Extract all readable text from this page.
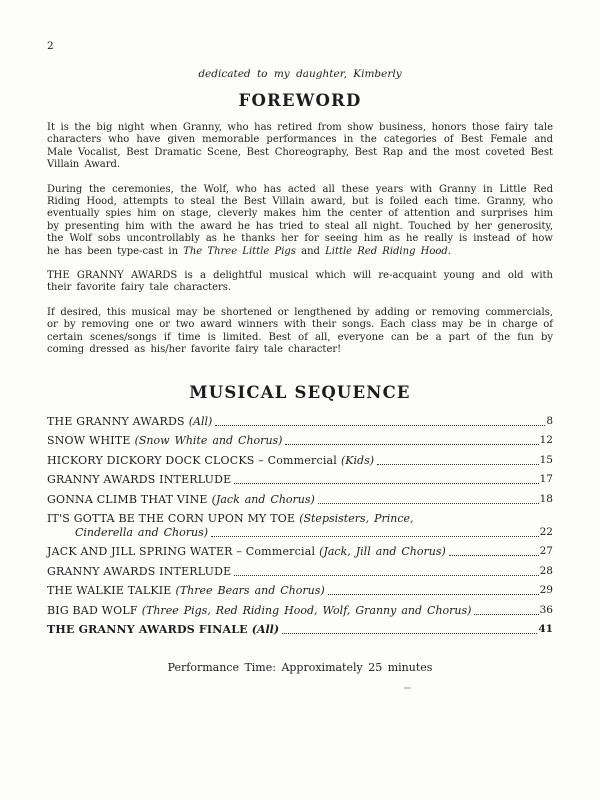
2
dedicated to my daughter, Kimberly
FOREWORD

It is the big night when Granny, who has retired from show business, honors those fairy tale characters who have given memorable performances in the categories of Best Female and Male Vocalist, Best Dramatic Scene, Best Choreography, Best Rap and the most coveted Best Villain Award.

During the ceremonies, the Wolf, who has acted all these years with Granny in Little Red Riding Hood, attempts to steal the Best Villain award, but is foiled each time. Granny, who eventually spies him on stage, cleverly makes him the center of attention and surprises him by presenting him with the award he has tried to steal all night. Touched by her generosity, the Wolf sobs uncontrollably as he thanks her for seeing him as he really is instead of how he has been type-cast in The Three Little Pigs and Little Red Riding Hood.

THE GRANNY AWARDS is a delightful musical which will re-acquaint young and old with their favorite fairy tale characters.

If desired, this musical may be shortened or lengthened by adding or removing commercials, or by removing one or two award winners with their songs. Each class may be in charge of certain scenes/songs if time is limited. Best of all, everyone can be a part of the fun by coming dressed as his/her favorite fairy tale character!

MUSICAL SEQUENCE
THE GRANNY AWARDS (All)	8
SNOW WHITE (Snow White and Chorus)	12
HICKORY DICKORY DOCK CLOCKS – Commercial (Kids)	15
GRANNY AWARDS INTERLUDE	17
GONNA CLIMB THAT VINE (Jack and Chorus)	18
IT'S GOTTA BE THE CORN UPON MY TOE (Stepsisters, Prince,
Cinderella and Chorus)	22
JACK AND JILL SPRING WATER – Commercial (Jack, Jill and Chorus)	27
GRANNY AWARDS INTERLUDE	28
THE WALKIE TALKIE (Three Bears and Chorus)	29
BIG BAD WOLF (Three Pigs, Red Riding Hood, Wolf, Granny and Chorus)	36
THE GRANNY AWARDS FINALE (All)	41
Performance Time: Approximately 25 minutes
